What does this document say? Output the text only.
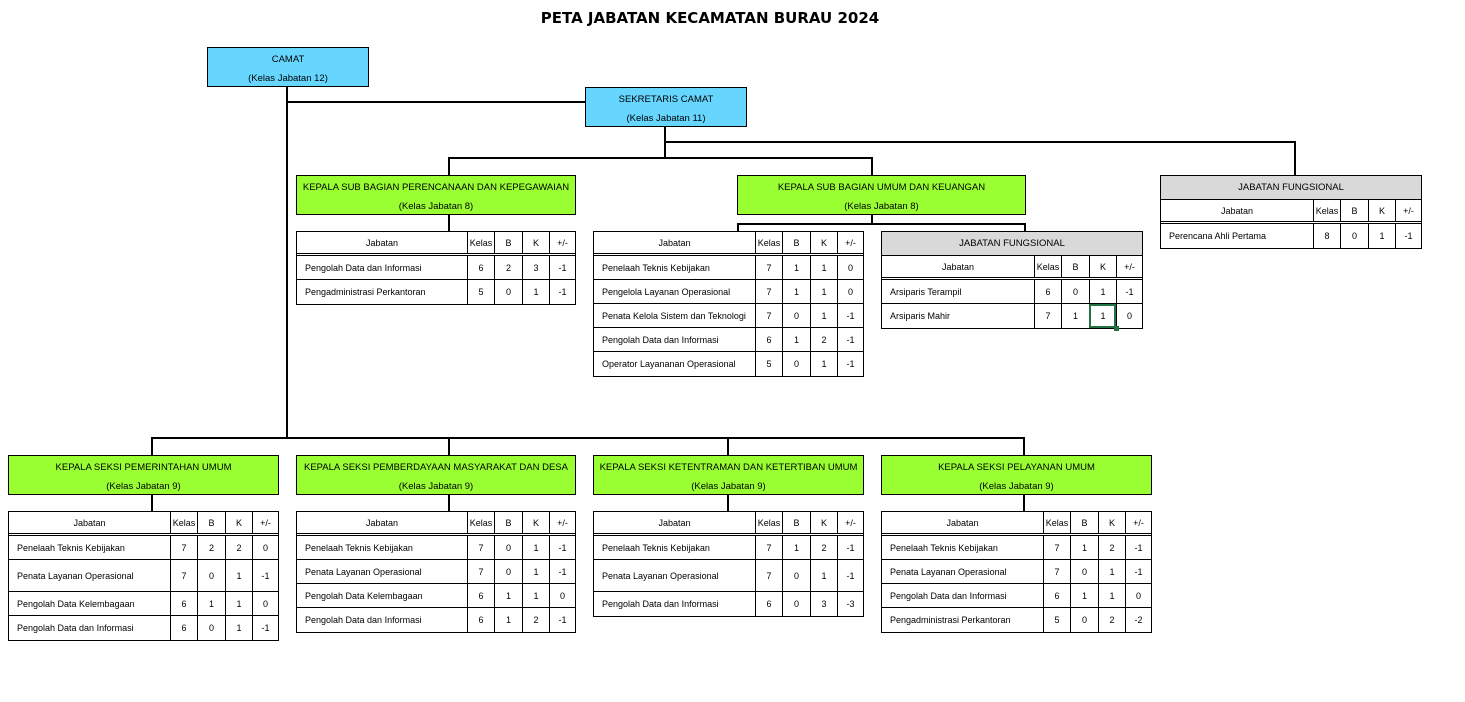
PETA JABATAN KECAMATAN BURAU 2024
CAMAT
(Kelas Jabatan 12)
SEKRETARIS CAMAT
(Kelas Jabatan 11)
KEPALA SUB BAGIAN PERENCANAAN DAN KEPEGAWAIAN
(Kelas Jabatan 8)
KEPALA SUB BAGIAN UMUM DAN KEUANGAN
(Kelas Jabatan 8)
KEPALA SEKSI PEMERINTAHAN UMUM
(Kelas Jabatan 9)
KEPALA SEKSI PEMBERDAYAAN MASYARAKAT DAN DESA
(Kelas Jabatan 9)
KEPALA SEKSI KETENTRAMAN DAN KETERTIBAN UMUM
(Kelas Jabatan 9)
KEPALA SEKSI PELAYANAN UMUM
(Kelas Jabatan 9)
Jabatan	Kelas	B	K	+/-
Pengolah Data dan Informasi	6	2	3	-1
Pengadministrasi Perkantoran	5	0	1	-1
Jabatan	Kelas	B	K	+/-
Penelaah Teknis Kebijakan	7	1	1	0
Pengelola Layanan Operasional	7	1	1	0
Penata Kelola Sistem dan Teknologi	7	0	1	-1
Pengolah Data dan Informasi	6	1	2	-1
Operator Layananan Operasional	5	0	1	-1
JABATAN FUNGSIONAL
Jabatan	Kelas	B	K	+/-
Arsiparis Terampil	6	0	1	-1
Arsiparis Mahir	7	1	1	0
JABATAN FUNGSIONAL
Jabatan	Kelas	B	K	+/-
Perencana Ahli Pertama	8	0	1	-1
Jabatan	Kelas	B	K	+/-
Penelaah Teknis Kebijakan	7	2	2	0
Penata Layanan Operasional	7	0	1	-1
Pengolah Data Kelembagaan	6	1	1	0
Pengolah Data dan Informasi	6	0	1	-1
Jabatan	Kelas	B	K	+/-
Penelaah Teknis Kebijakan	7	0	1	-1
Penata Layanan Operasional	7	0	1	-1
Pengolah Data Kelembagaan	6	1	1	0
Pengolah Data dan Informasi	6	1	2	-1
Jabatan	Kelas	B	K	+/-
Penelaah Teknis Kebijakan	7	1	2	-1
Penata Layanan Operasional	7	0	1	-1
Pengolah Data dan Informasi	6	0	3	-3
Jabatan	Kelas	B	K	+/-
Penelaah Teknis Kebijakan	7	1	2	-1
Penata Layanan Operasional	7	0	1	-1
Pengolah Data dan Informasi	6	1	1	0
Pengadministrasi Perkantoran	5	0	2	-2
